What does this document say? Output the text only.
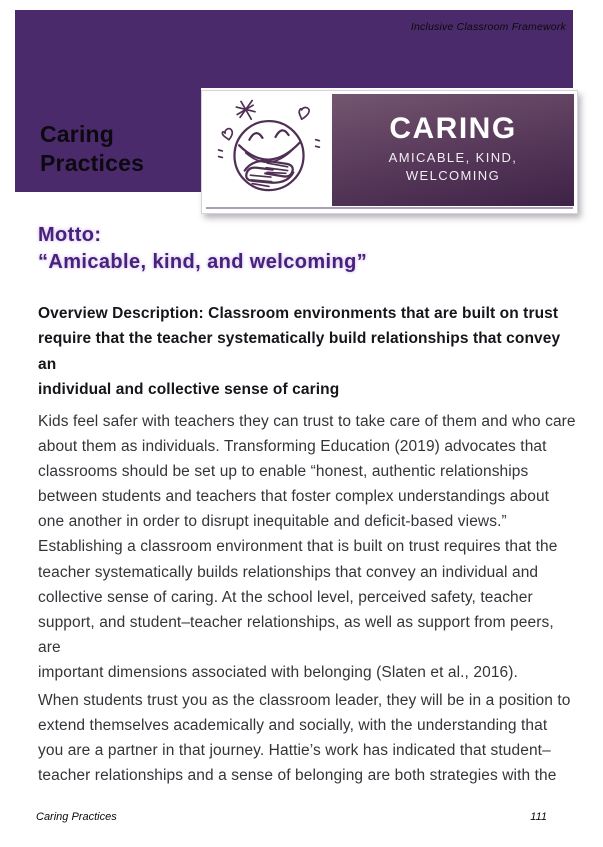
Inclusive Classroom Framework
Caring
Practices
CARING
AMICABLE, KIND,
WELCOMING
Motto:
“Amicable, kind, and welcoming”
Overview Description: Classroom environments that are built on trust
require that the teacher systematically build relationships that convey an
individual and collective sense of caring
Kids feel safer with teachers they can trust to take care of them and who care
about them as individuals. Transforming Education (2019) advocates that
classrooms should be set up to enable “honest, authentic relationships
between students and teachers that foster complex understandings about
one another in order to disrupt inequitable and deficit-based views.”
Establishing a classroom environment that is built on trust requires that the
teacher systematically builds relationships that convey an individual and
collective sense of caring. At the school level, perceived safety, teacher
support, and student–teacher relationships, as well as support from peers, are
important dimensions associated with belonging (Slaten et al., 2016).
When students trust you as the classroom leader, they will be in a position to
extend themselves academically and socially, with the understanding that
you are a partner in that journey. Hattie’s work has indicated that student–
teacher relationships and a sense of belonging are both strategies with the
Caring Practices	111
